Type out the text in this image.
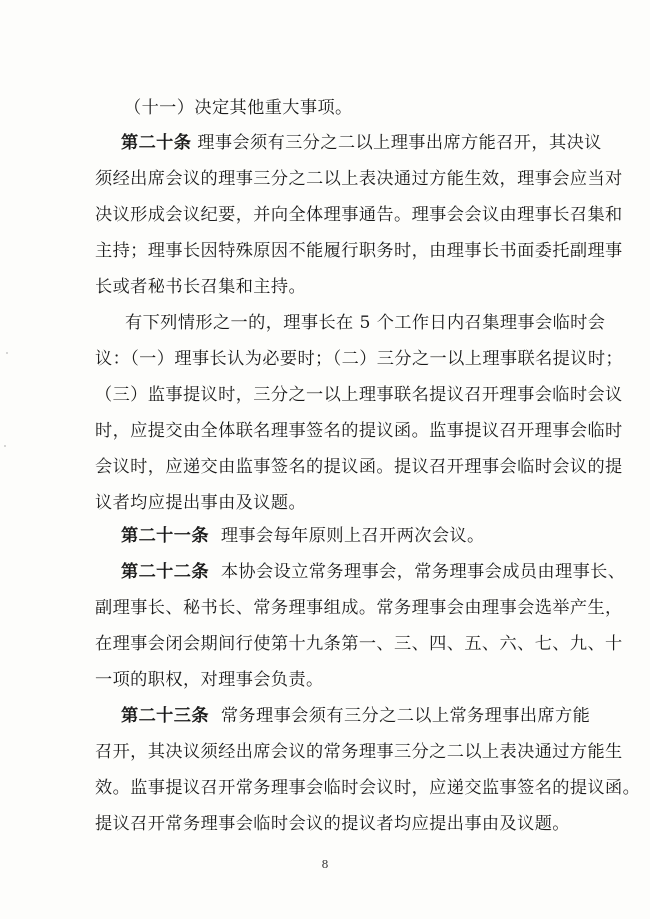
（十一）决定其他重大事项。
第二十条 理事会须有三分之二以上理事出席方能召开，其决议
须经出席会议的理事三分之二以上表决通过方能生效，理事会应当对
决议形成会议纪要，并向全体理事通告。理事会会议由理事长召集和
主持；理事长因特殊原因不能履行职务时，由理事长书面委托副理事
长或者秘书长召集和主持。
有下列情形之一的，理事长在 5 个工作日内召集理事会临时会
议：（一）理事长认为必要时；（二）三分之一以上理事联名提议时；
（三）监事提议时，三分之一以上理事联名提议召开理事会临时会议
时，应提交由全体联名理事签名的提议函。监事提议召开理事会临时
会议时，应递交由监事签名的提议函。提议召开理事会临时会议的提
议者均应提出事由及议题。
第二十一条 理事会每年原则上召开两次会议。
第二十二条 本协会设立常务理事会，常务理事会成员由理事长、
副理事长、秘书长、常务理事组成。常务理事会由理事会选举产生，
在理事会闭会期间行使第十九条第一、三、四、五、六、七、九、十
一项的职权，对理事会负责。
第二十三条 常务理事会须有三分之二以上常务理事出席方能
召开，其决议须经出席会议的常务理事三分之二以上表决通过方能生
效。监事提议召开常务理事会临时会议时，应递交监事签名的提议函。
提议召开常务理事会临时会议的提议者均应提出事由及议题。
8
